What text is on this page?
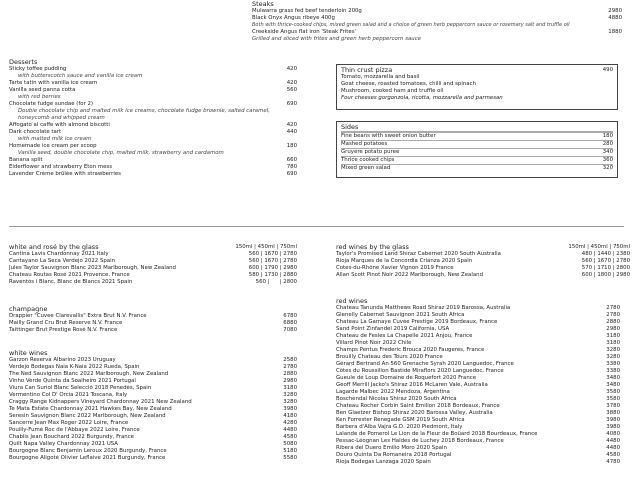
Steaks
Mulwarra grass fed beef tenderloin 200g	2980
Black Onyx Angus ribeye 400g	4880
Both with thrice-cooked chips, mixed green salad and a choice of green herb peppercorn sauce or rosemary salt and truffle oil
Creekside Angus flat iron 'Steak Frites'	1880
Grilled and sliced with frites and green herb peppercorn sauce
Desserts
Sticky toffee pudding	420
with butterscotch sauce and vanilla ice cream
Tarte tatin with vanilla ice cream	420
Vanilla seed panna cotta	560
with red berries
Chocolate fudge sundae (for 2)	690
Double chocolate chip and malted milk ice creams, chocolate fudge brownie, salted caramel, honeycomb and whipped cream
Affogato al caffe with almond biscotti	420
Dark chocolate tart	440
with malted milk ice cream
Homemade ice cream per scoop	180
Vanilla seed, double chocolate chip, malted milk, strawberry and cardamom
Banana split	660
Elderflower and strawberry Eton mess	780
Lavender Crème brûlée with strawberries	690
Thin crust pizza	490
Tomato, mozzarella and basil
Goat cheese, roasted tomatoes, chilli and spinach
Mushroom, cooked ham and truffle oil
Four cheeses gorgonzola, ricotta, mozzarella and parmesan
Sides
Fine beans with sweet onion butter	180
Mashed potatoes	280
Gruyere potato puree	340
Thrice cooked chips	360
Mixed green salad	320
white and rosé by the glass	150ml | 450ml | 750ml
Cantina Lavis Chardonnay 2021 Italy	560 | 1670 | 2780
Cantayano La Seca Verdejo 2022 Spain	560 | 1670 | 2780
Jules Taylor Sauvignon Blanc 2023 Marlborough, New Zealand	600 | 1790 | 2980
Chateau Routas Rosé 2021 Provence, France	580 | 1730 | 2880
Raventós i Blanc, Blanc de Blancs 2021 Spain	560 |      | 2800
champagne
Drappier "Cuvee Clarevallis" Extra Brut N.V. France	6780
Mailly Grand Cru Brut Reserve N.V. France	6880
Taittinger Brut Prestige Rosé N.V. France	7080
white wines
Garzon Reserva Albarino 2023 Uruguay	2580
Verdejo Bodegas Naia K-Naia 2022 Rueda, Spain	2780
The Ned Sauvignon Blanc 2022 Marlborough, New Zealand	2880
Vinho Verde Quinta da Soalheiro 2021 Portugal	2980
Viura Can Suriol Blanc Selecció 2018 Penedès, Spain	3180
Vermentino Col D' Orcia 2021 Toscana, Italy	3280
Craggy Range Kidnappers Vineyard Chardonnay 2021 New Zealand	3280
Te Mata Estate Chardonnay 2021 Hawkes Bay, New Zealand	3980
Seresin Sauvignon Blanc 2022 Marlborough, New Zealand	4180
Sancerre Jean Max Roger 2022 Loire, France	4280
Pouilly-Fumé Roc de l'Abbaye 2022 Loire, France	4480
Chablis Jean Bouchard 2022 Burgundy, France	4580
Quilt Napa Valley Chardonnay 2021 USA	5080
Bourgogne Blanc Benjamin Leroux 2020 Burgundy, France	5180
Bourgogne Aligoté Olivier Leflaive 2021 Burgundy, France	5580
red wines by the glass	150ml | 450ml | 750ml
Taylor's Promised Land Shiraz Cabernet 2020 South Australia	480 | 1440 | 2380
Rioja Marques de la Concordia Crianza 2020 Spain	560 | 1670 | 2780
Cotes-du-Rhône Xavier Vignon 2019 France	570 | 1710 | 2800
Allan Scott Pinot Noir 2022 Marlborough, New Zealand	600 | 1800 | 2980
red wines
Chateau Tanunda Matthews Road Shiraz 2019 Barossa, Australia	2780
Glenelly Cabernet Sauvignon 2021 South Africa	2780
Chateau La Gamaye Cuvée Prestige 2019 Bordeaux, France	2880
Sand Point Zinfandel 2019 California, USA	2980
Chateau de Fesles La Chapelle 2021 Anjou, France	3180
Villard Pinot Noir 2022 Chile	3180
Champs Pentus Frederic Brouca 2020 Faugeres, France	3280
Brouilly Chateau des Tours 2020 France	3280
Gérard Bertrand An 560 Grenache Syrah 2020 Languedoc, France	3380
Côtes du Roussillon Bastide Miraflors 2020 Languedoc, France	3380
Gueule de Loup Domaine de Roquefort 2020 France	3480
Geoff Merrill Jacko's Shiraz 2016 McLaren Vale, Australia	3480
Lagarde Malbec 2022 Mendoza, Argentina	3580
Boschendal Nicolas Shiraz 2020 South Africa	3580
Chateau Rocher Corbin Saint Emilion 2018 Bordeaux, France	3780
Ben Glaetzer Bishop Shiraz 2020 Barossa Valley, Australia	3880
Ken Forrester Renegade GSM 2019 South Africa	3980
Barbera d'Alba Vajra G.D. 2020 Piedmont, Italy	3980
Lalande de Pomerol Le Lion de la Fleur de Boüard 2018 Bourdeaux, France	4080
Pessac-Léognan Les Haldes de Luchey 2018 Bordeaux, France	4480
Ribera del Duero Emilio Moro 2020 Spain	4480
Douro Quinta Da Romaneira 2018 Portugal	4580
Rioja Bodegas Lanzaga 2020 Spain	4780
